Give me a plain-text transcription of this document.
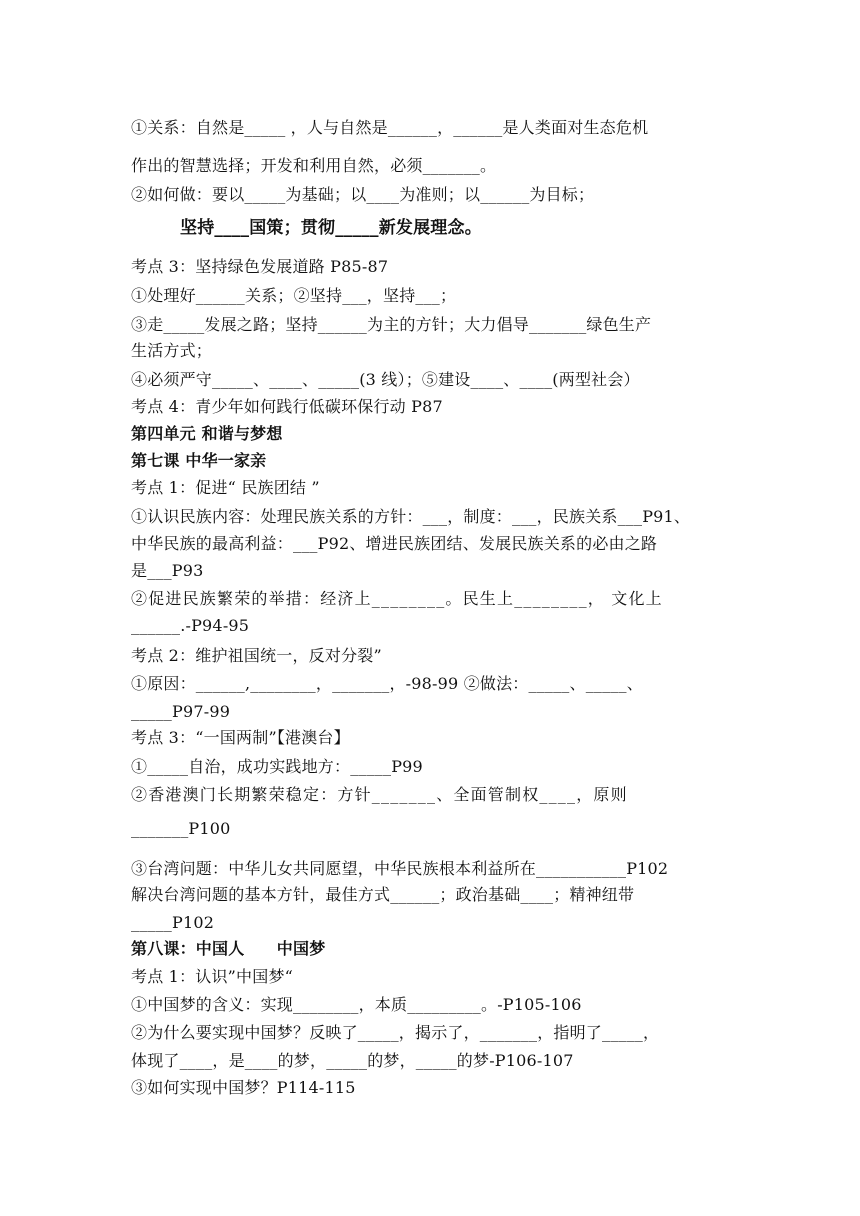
①关系：自然是_____ ，人与自然是______，______是人类面对生态危机
作出的智慧选择；开发和利用自然，必须_______。
②如何做：要以_____为基础；以____为准则；以______为目标；
坚持____国策；贯彻_____新发展理念。
考点 3：坚持绿色发展道路 P85-87
①处理好______关系；②坚持___，坚持___；
③走_____发展之路；坚持______为主的方针；大力倡导_______绿色生产
生活方式；
④必须严守_____、____、_____(3 线）；⑤建设____、____(两型社会）
考点 4：青少年如何践行低碳环保行动 P87
第四单元 和谐与梦想
第七课 中华一家亲
考点 1：促进“ 民族团结 ”
①认识民族内容：处理民族关系的方针：___，制度：___，民族关系___P91、
中华民族的最高利益：___P92、增进民族团结、发展民族关系的必由之路
是___P93
②促进民族繁荣的举措：经济上________。民生上________， 文化上
______.-P94-95
考点 2：维护祖国统一，反对分裂”
①原因：______,________，_______，-98-99 ②做法：_____、_____、
_____P97-99
考点 3：“一国两制”【港澳台】
①_____自治，成功实践地方：_____P99
②香港澳门长期繁荣稳定：方针_______、全面管制权____，原则
_______P100
③台湾问题：中华儿女共同愿望，中华民族根本利益所在___________P102
解决台湾问题的基本方针，最佳方式______；政治基础____；精神纽带
_____P102
第八课：中国人　　中国梦
考点 1：认识”中国梦“
①中国梦的含义：实现________，本质_________。-P105-106
②为什么要实现中国梦？反映了_____，揭示了，_______，指明了_____，
体现了____，是____的梦，_____的梦，_____的梦-P106-107
③如何实现中国梦？P114-115
